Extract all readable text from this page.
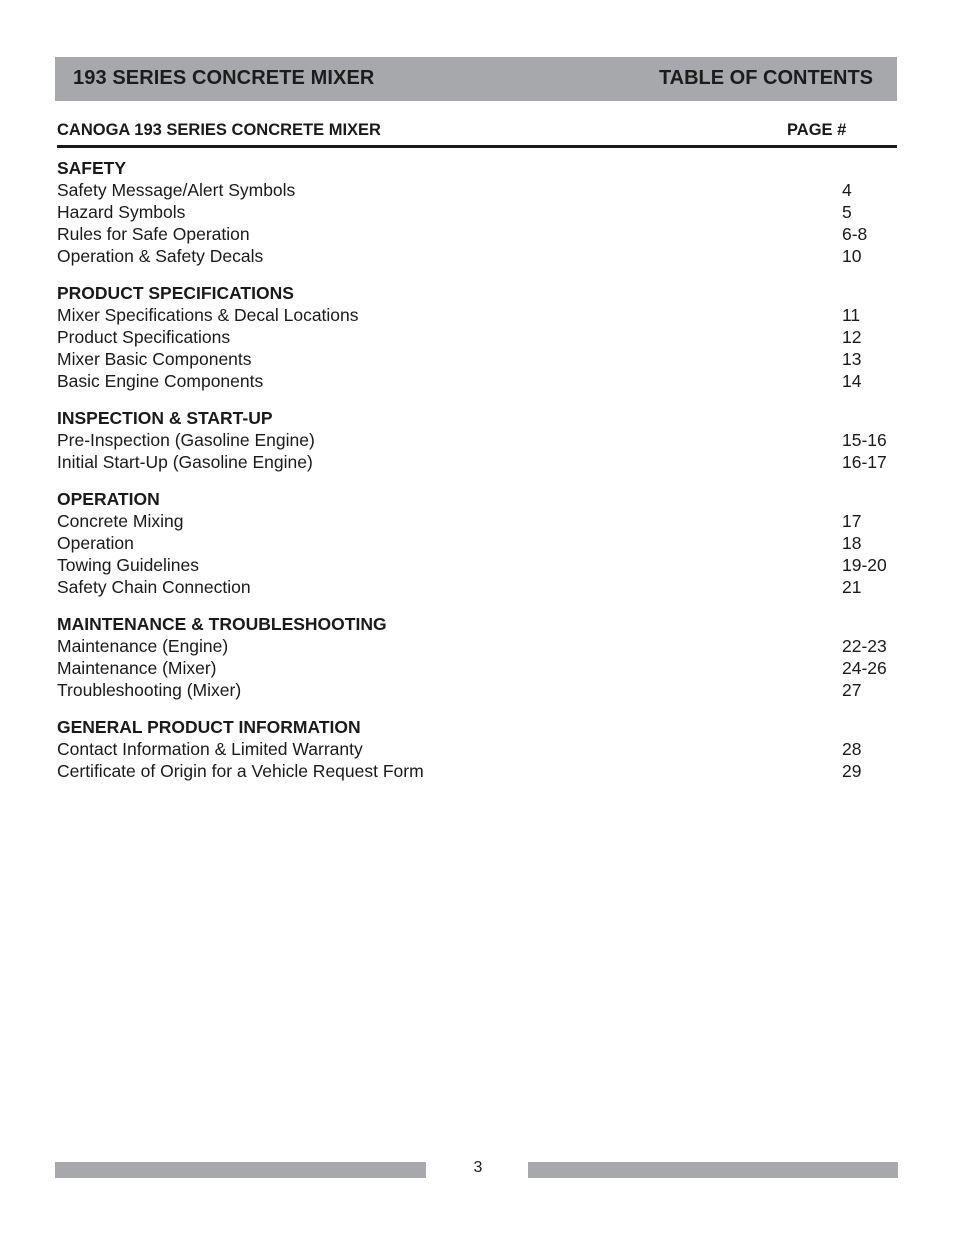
193 SERIES CONCRETE MIXER	TABLE OF CONTENTS
CANOGA 193 SERIES CONCRETE MIXER	PAGE #
SAFETY
Safety Message/Alert Symbols	4
Hazard Symbols	5
Rules for Safe Operation	6-8
Operation & Safety Decals	10
PRODUCT SPECIFICATIONS
Mixer Specifications & Decal Locations	11
Product Specifications	12
Mixer Basic Components	13
Basic Engine Components	14
INSPECTION & START-UP
Pre-Inspection (Gasoline Engine)	15-16
Initial Start-Up (Gasoline Engine)	16-17
OPERATION
Concrete Mixing	17
Operation	18
Towing Guidelines	19-20
Safety Chain Connection	21
MAINTENANCE & TROUBLESHOOTING
Maintenance (Engine)	22-23
Maintenance (Mixer)	24-26
Troubleshooting (Mixer)	27
GENERAL PRODUCT INFORMATION
Contact Information & Limited Warranty	28
Certificate of Origin for a Vehicle Request Form	29
3
